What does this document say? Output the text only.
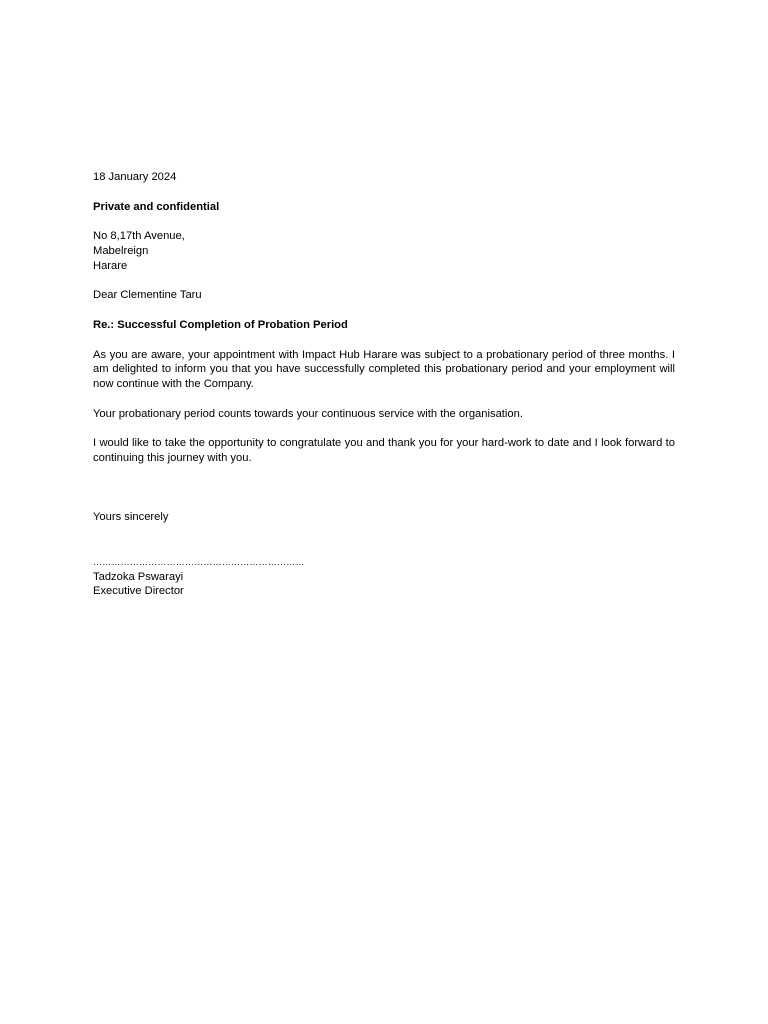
18 January 2024
Private and confidential
No 8,17th Avenue,
Mabelreign
Harare
Dear Clementine Taru
Re.: Successful Completion of Probation Period
As you are aware, your appointment with Impact Hub Harare was subject to a probationary period of three months. I am delighted to inform you that you have successfully completed this probationary period and your employment will now continue with the Company.
Your probationary period counts towards your continuous service with the organisation.
I would like to take the opportunity to congratulate you and thank you for your hard-work to date and I look forward to continuing this journey with you.
Yours sincerely
……………………………………………………………
Tadzoka Pswarayi
Executive Director
